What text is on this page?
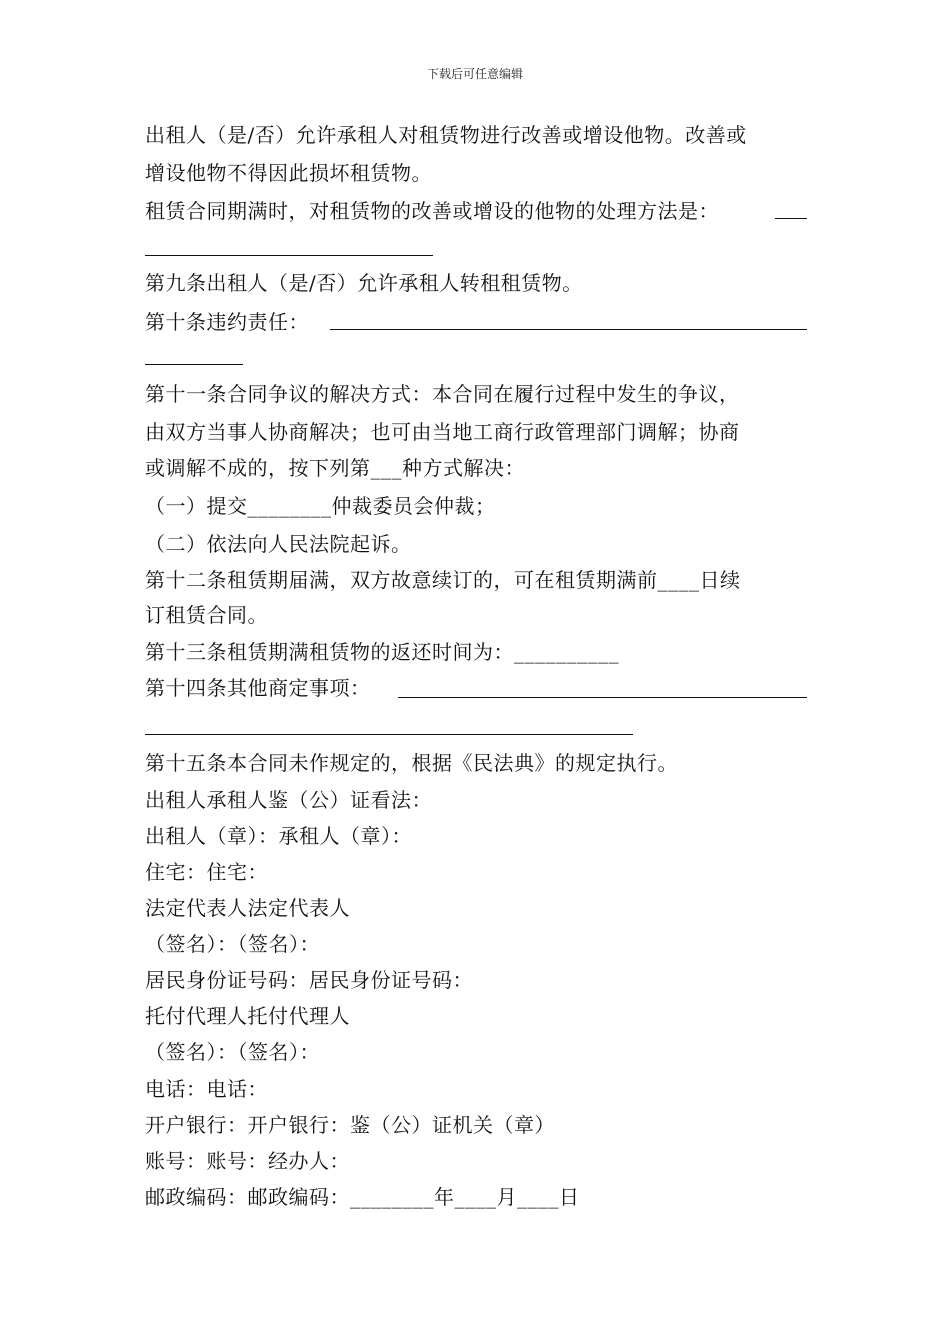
下载后可任意编辑
出租人（是/否）允许承租人对租赁物进行改善或增设他物。改善或
增设他物不得因此损坏租赁物。
租赁合同期满时，对租赁物的改善或增设的他物的处理方法是：
第九条出租人（是/否）允许承租人转租租赁物。
第十条违约责任：
第十一条合同争议的解决方式：本合同在履行过程中发生的争议，
由双方当事人协商解决；也可由当地工商行政管理部门调解；协商
或调解不成的，按下列第___种方式解决：
（一）提交________仲裁委员会仲裁；
（二）依法向人民法院起诉。
第十二条租赁期届满，双方故意续订的，可在租赁期满前____日续
订租赁合同。
第十三条租赁期满租赁物的返还时间为：__________
第十四条其他商定事项：
第十五条本合同未作规定的，根据《民法典》的规定执行。
出租人承租人鉴（公）证看法：
出租人（章）：承租人（章）：
住宅：住宅：
法定代表人法定代表人
（签名）：（签名）：
居民身份证号码：居民身份证号码：
托付代理人托付代理人
（签名）：（签名）：
电话：电话：
开户银行：开户银行：鉴（公）证机关（章）
账号：账号：经办人：
邮政编码：邮政编码：________年____月____日
